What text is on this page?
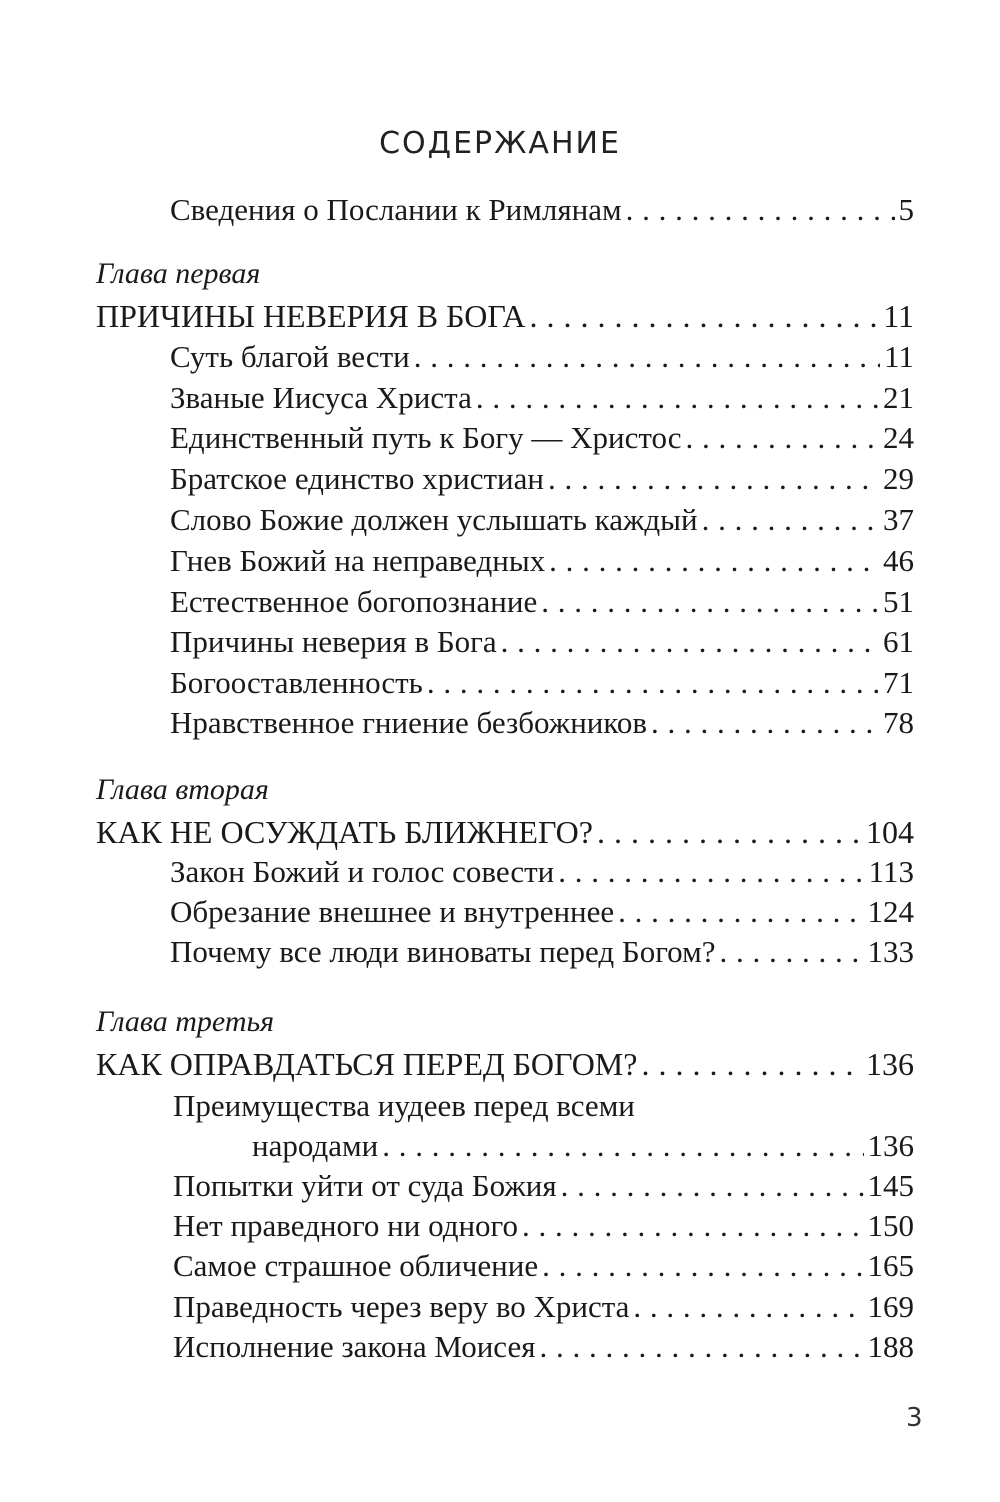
СОДЕРЖАНИЕ
Сведения о Послании к Римлянам . . .	5
Глава первая
ПРИЧИНЫ НЕВЕРИЯ В БОГА . . .	11
Суть благой вести . . .	11
Званые Иисуса Христа . . .	21
Единственный путь к Богу — Христос . . .	24
Братское единство христиан . . .	29
Слово Божие должен услышать каждый . . .	37
Гнев Божий на неправедных . . .	46
Естественное богопознание . . .	51
Причины неверия в Бога . . .	61
Богооставленность . . .	71
Нравственное гниение безбожников . . .	78
Глава вторая
КАК НЕ ОСУЖДАТЬ БЛИЖНЕГО? . . .	104
Закон Божий и голос совести . . .	113
Обрезание внешнее и внутреннее . . .	124
Почему все люди виноваты перед Богом? . . .	133
Глава третья
КАК ОПРАВДАТЬСЯ ПЕРЕД БОГОМ? . . .	136
Преимущества иудеев перед всеми
народами . . .	136
Попытки уйти от суда Божия . . .	145
Нет праведного ни одного . . .	150
Самое страшное обличение . . .	165
Праведность через веру во Христа . . .	169
Исполнение закона Моисея . . .	188
3
